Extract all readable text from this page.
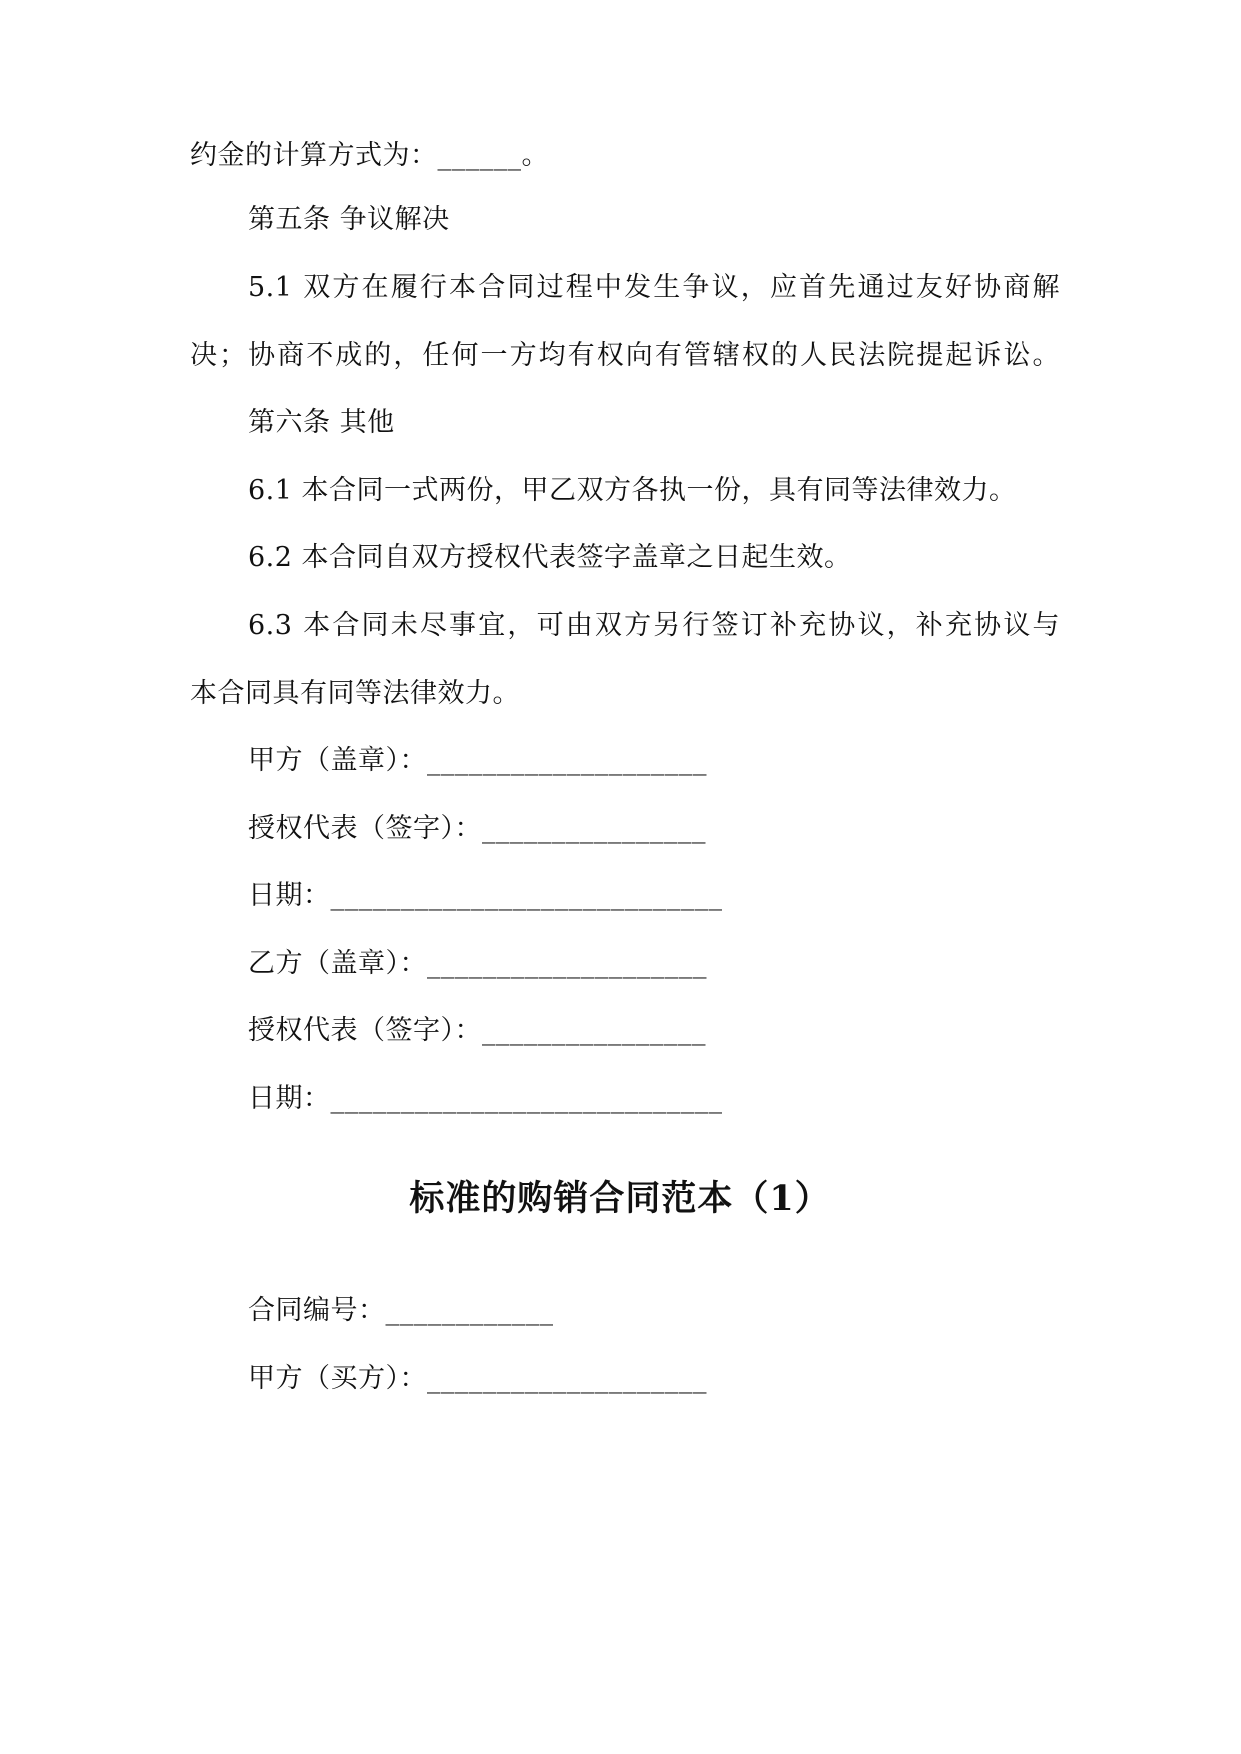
约金的计算方式为：______。
第五条 争议解决
5.1 双方在履行本合同过程中发生争议，应首先通过友好协商解
决；协商不成的，任何一方均有权向有管辖权的人民法院提起诉讼。
第六条 其他
6.1 本合同一式两份，甲乙双方各执一份，具有同等法律效力。
6.2 本合同自双方授权代表签字盖章之日起生效。
6.3 本合同未尽事宜，可由双方另行签订补充协议，补充协议与
本合同具有同等法律效力。
甲方（盖章）：____________________
授权代表（签字）：________________
日期：____________________________
乙方（盖章）：____________________
授权代表（签字）：________________
日期：____________________________
标准的购销合同范本（1）
合同编号：____________
甲方（买方）：____________________
